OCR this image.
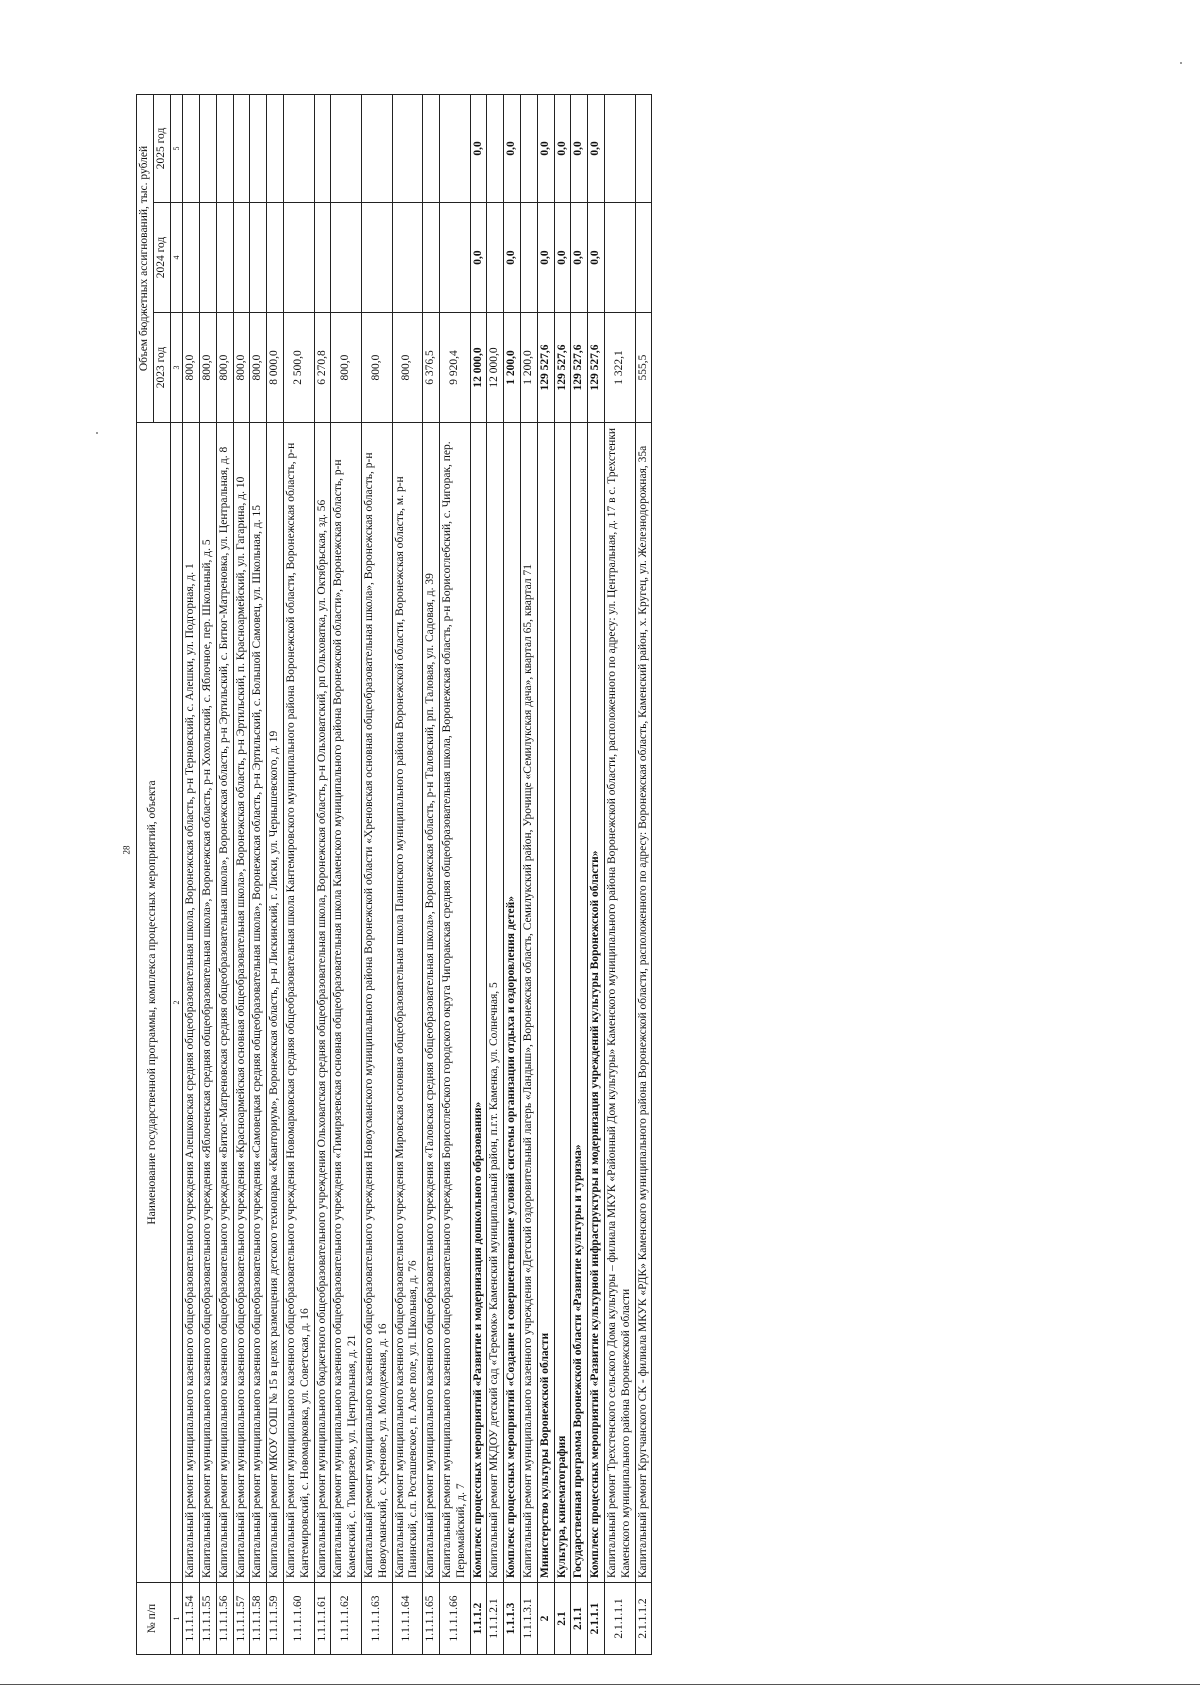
28
№ п/п	Наименование государственной программы, комплекса процессных мероприятий, объекта	Объем бюджетных ассигнований, тыс. рублей		
		2023 год	2024 год	2025 год
1	2	3	4	5
1.1.1.1.54	Капитальный ремонт муниципального казенного общеобразовательного учреждения Алешковская средняя общеобразовательная школа, Воронежская область, р-н Терновский, с. Алешки, ул. Подгорная, д. 1	800,0		
1.1.1.1.55	Капитальный ремонт муниципального казенного общеобразовательного учреждения «Яблоченская средняя общеобразовательная школа», Воронежская область, р-н Хохольский, с. Яблочное, пер. Школьный, д. 5	800,0		
1.1.1.1.56	Капитальный ремонт муниципального казенного общеобразовательного учреждения «Битюг-Матреновская средняя общеобразовательная школа», Воронежская область, р-н Эртильский, с. Битюг-Матреновка, ул. Центральная, д. 8	800,0		
1.1.1.1.57	Капитальный ремонт муниципального казенного общеобразовательного учреждения «Красноармейская основная общеобразовательная школа», Воронежская область, р-н Эртильский, п. Красноармейский, ул. Гагарина, д. 10	800,0		
1.1.1.1.58	Капитальный ремонт муниципального казенного общеобразовательного учреждения «Самовецкая средняя общеобразовательная школа», Воронежская область, р-н Эртильский, с. Большой Самовец, ул. Школьная, д. 15	800,0		
1.1.1.1.59	Капитальный ремонт МКОУ СОШ № 15 в целях размещения детского технопарка «Кванториум», Воронежская область, р-н Лискинский, г. Лиски, ул. Чернышевского, д. 19	8 000,0		
1.1.1.1.60	Капитальный ремонт муниципального казенного общеобразовательного учреждения Новомарковская средняя общеобразовательная школа Кантемировского муниципального района Воронежской области, Воронежская область, р-н Кантемировский, с. Новомарковка, ул. Советская, д. 16	2 500,0		
1.1.1.1.61	Капитальный ремонт муниципального бюджетного общеобразовательного учреждения Ольховатская средняя общеобразовательная школа, Воронежская область, р-н Ольховатский, рп Ольховатка, ул. Октябрьская, зд. 56	6 270,8		
1.1.1.1.62	Капитальный ремонт муниципального казенного общеобразовательного учреждения «Тимирязевская основная общеобразовательная школа Каменского муниципального района Воронежской области», Воронежская область, р-н Каменский, с. Тимирязево, ул. Центральная, д. 21	800,0		
1.1.1.1.63	Капитальный ремонт муниципального казенного общеобразовательного учреждения Новоусманского муниципального района Воронежской области «Хреновская основная общеобразовательная школа», Воронежская область, р-н Новоусманский, с. Хреновое, ул. Молодежная, д. 16	800,0		
1.1.1.1.64	Капитальный ремонт муниципального казенного общеобразовательного учреждения Мировская основная общеобразовательная школа Панинского муниципального района Воронежской области, Воронежская область, м. р-н Панинский, с.п. Росташевское, п. Алое поле, ул. Школьная, д. 76	800,0		
1.1.1.1.65	Капитальный ремонт муниципального казенного общеобразовательного учреждения «Таловская средняя общеобразовательная школа», Воронежская область, р-н Таловский, рп. Таловая, ул. Садовая, д. 39	6 376,5		
1.1.1.1.66	Капитальный ремонт муниципального казенного общеобразовательного учреждения Борисоглебского городского округа Чигоракская средняя общеобразовательная школа, Воронежская область, р-н Борисоглебский, с. Чигорак, пер. Первомайский, д. 7	9 920,4		
1.1.1.2	Комплекс процессных мероприятий «Развитие и модернизация дошкольного образования»	12 000,0	0,0	0,0
1.1.1.2.1	Капитальный ремонт МКДОУ детский сад «Теремок» Каменский муниципальный район, п.г.т. Каменка, ул. Солнечная, 5	12 000,0		
1.1.1.3	Комплекс процессных мероприятий «Создание и совершенствование условий системы организации отдыха и оздоровления детей»	1 200,0	0,0	0,0
1.1.1.3.1	Капитальный ремонт муниципального казенного учреждения «Детский оздоровительный лагерь «Ландыш», Воронежская область, Семилукский район, Урочище «Семилукская дача», квартал 65, квартал 71	1 200,0		
2	Министерство культуры Воронежской области	129 527,6	0,0	0,0
2.1	Культура, кинематография	129 527,6	0,0	0,0
2.1.1	Государственная программа Воронежской области «Развитие культуры и туризма»	129 527,6	0,0	0,0
2.1.1.1	Комплекс процессных мероприятий «Развитие культурной инфраструктуры и модернизация учреждений культуры Воронежской области»	129 527,6	0,0	0,0
2.1.1.1.1	Капитальный ремонт Трехстенского сельского Дома культуры – филиала МКУК «Районный Дом культуры» Каменского муниципального района Воронежской области, расположенного по адресу: ул. Центральная, д. 17 в с. Трехстенки Каменского муниципального района Воронежской области	1 322,1		
2.1.1.1.2	Капитальный ремонт Кругчанского СК - филиала МКУК «РДК» Каменского муниципального района Воронежской области, расположенного по адресу: Воронежская область, Каменский район, х. Кругец, ул. Железнодорожная, 35а	555,5		
